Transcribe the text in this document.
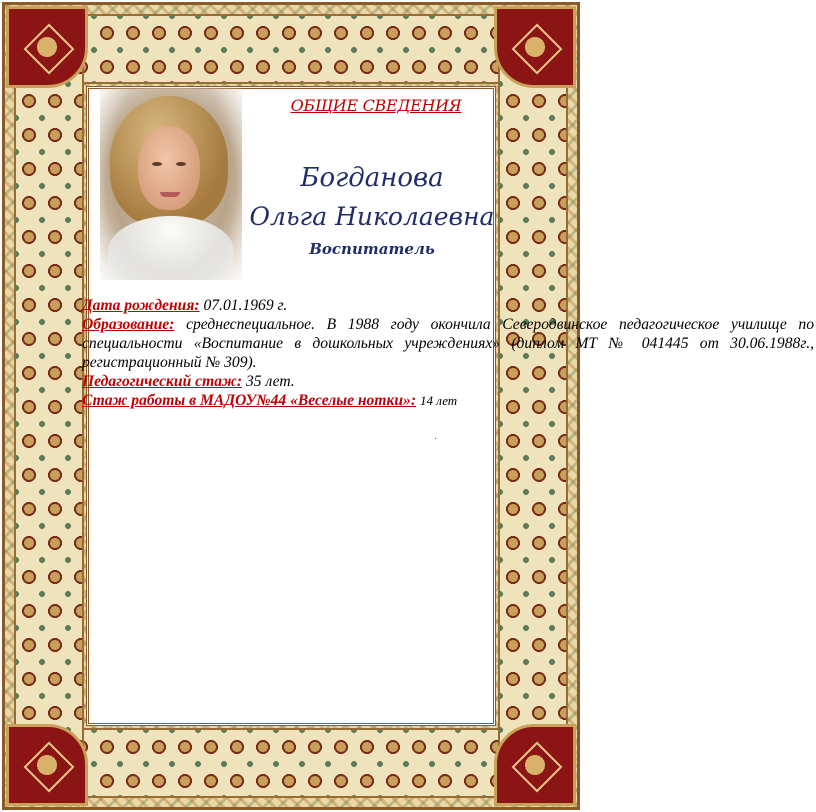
ОБЩИЕ СВЕДЕНИЯ
Богданова
Ольга Николаевна
Воспитатель

Дата рождения: 07.01.1969 г.

Образование: среднеспециальное. В 1988 году окончила Северодвинское педагогическое училище по специальности «Воспитание в дошкольных учреждениях» (диплом МТ № 041445 от 30.06.1988г., регистрационный № 309).

Педагогический стаж: 35 лет.

Стаж работы в МАДОУ№44 «Веселые нотки»: 14 лет

.
